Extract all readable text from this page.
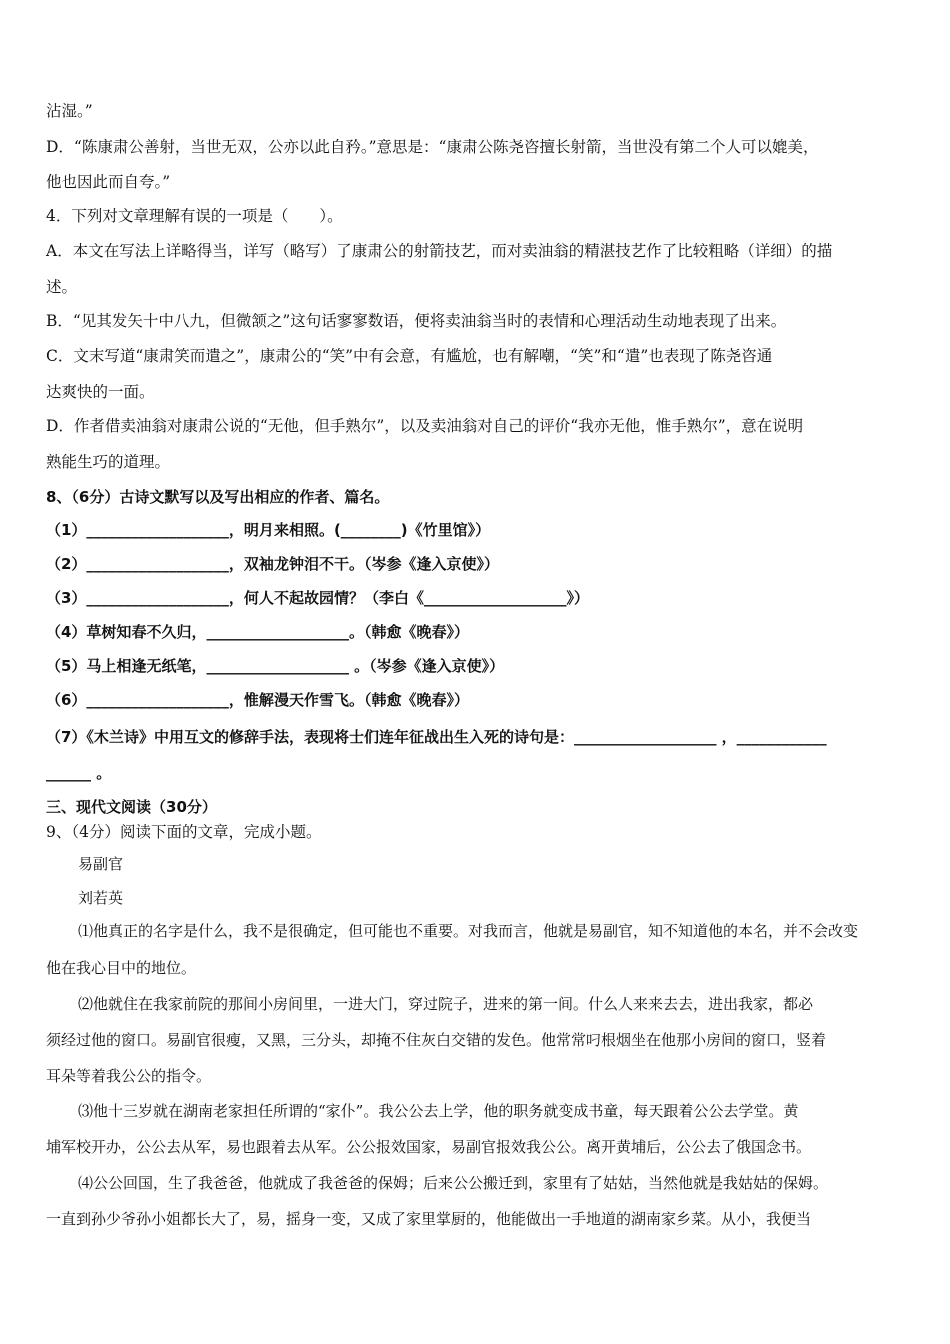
沾湿。”
D．“陈康肃公善射，当世无双，公亦以此自矜。”意思是：“康肃公陈尧咨擅长射箭，当世没有第二个人可以媲美，
他也因此而自夸。”
4．下列对文章理解有误的一项是（　　）。
A．本文在写法上详略得当，详写（略写）了康肃公的射箭技艺，而对卖油翁的精湛技艺作了比较粗略（详细）的描
述。
B．“见其发矢十中八九，但微颔之”这句话寥寥数语，便将卖油翁当时的表情和心理活动生动地表现了出来。
C．文末写道“康肃笑而遣之”，康肃公的“笑”中有会意，有尴尬，也有解嘲，“笑”和“遣”也表现了陈尧咨通
达爽快的一面。
D．作者借卖油翁对康肃公说的“无他，但手熟尔”，以及卖油翁对自己的评价“我亦无他，惟手熟尔”，意在说明
熟能生巧的道理。
8、（6分）古诗文默写以及写出相应的作者、篇名。
（1）___________________，明月来相照。(________)《竹里馆》）
（2）___________________，双袖龙钟泪不干。（岑参《逢入京使》）
（3）___________________，何人不起故园情？（李白《___________________》）
（4）草树知春不久归，___________________。（韩愈《晚春》）
（5）马上相逢无纸笔，___________________ 。（岑参《逢入京使》）
（6）___________________，惟解漫天作雪飞。（韩愈《晚春》）
（7）《木兰诗》中用互文的修辞手法，表现将士们连年征战出生入死的诗句是：___________________ ，____________
______ 。
三、现代文阅读（30分）
9、（4分）阅读下面的文章，完成小题。
易副官
刘若英
⑴他真正的名字是什么，我不是很确定，但可能也不重要。对我而言，他就是易副官，知不知道他的本名，并不会改变
他在我心目中的地位。
⑵他就住在我家前院的那间小房间里，一进大门，穿过院子，进来的第一间。什么人来来去去，进出我家，都必
须经过他的窗口。易副官很瘦，又黑，三分头，却掩不住灰白交错的发色。他常常叼根烟坐在他那小房间的窗口，竖着
耳朵等着我公公的指令。
⑶他十三岁就在湖南老家担任所谓的“家仆”。我公公去上学，他的职务就变成书童，每天跟着公公去学堂。黄
埔军校开办，公公去从军，易也跟着去从军。公公报效国家，易副官报效我公公。离开黄埔后，公公去了俄国念书。
⑷公公回国，生了我爸爸，他就成了我爸爸的保姆；后来公公搬迁到，家里有了姑姑，当然他就是我姑姑的保姆。
一直到孙少爷孙小姐都长大了，易，摇身一变，又成了家里掌厨的，他能做出一手地道的湖南家乡菜。从小，我便当
